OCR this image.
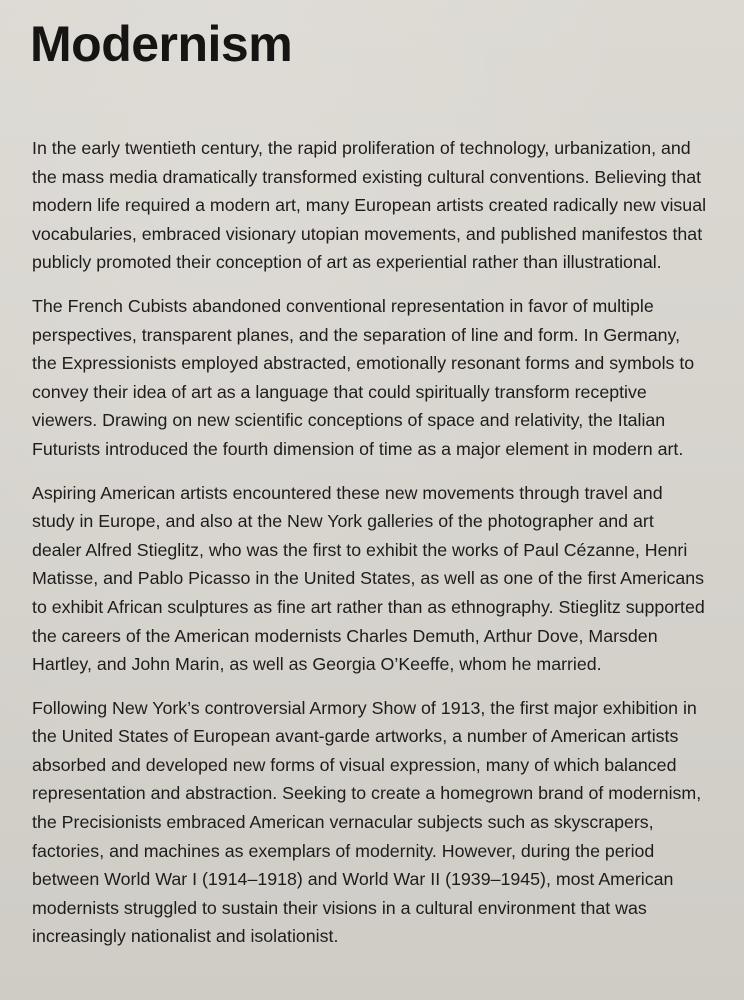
Modernism

In the early twentieth century, the rapid proliferation of technology, urbanization, and the mass media dramatically transformed existing cultural conventions. Believing that modern life required a modern art, many European artists created radically new visual vocabularies, embraced visionary utopian movements, and published manifestos that publicly promoted their conception of art as experiential rather than illustrational.

The French Cubists abandoned conventional representation in favor of multiple perspectives, transparent planes, and the separation of line and form. In Germany, the Expressionists employed abstracted, emotionally resonant forms and symbols to convey their idea of art as a language that could spiritually transform receptive viewers. Drawing on new scientific conceptions of space and relativity, the Italian Futurists introduced the fourth dimension of time as a major element in modern art.

Aspiring American artists encountered these new movements through travel and study in Europe, and also at the New York galleries of the photographer and art dealer Alfred Stieglitz, who was the first to exhibit the works of Paul Cézanne, Henri Matisse, and Pablo Picasso in the United States, as well as one of the first Americans to exhibit African sculptures as fine art rather than as ethnography. Stieglitz supported the careers of the American modernists Charles Demuth, Arthur Dove, Marsden Hartley, and John Marin, as well as Georgia O’Keeffe, whom he married.

Following New York’s controversial Armory Show of 1913, the first major exhibition in the United States of European avant-garde artworks, a number of American artists absorbed and developed new forms of visual expression, many of which balanced representation and abstraction. Seeking to create a homegrown brand of modernism, the Precisionists embraced American vernacular subjects such as skyscrapers, factories, and machines as exemplars of modernity. However, during the period between World War I (1914–1918) and World War II (1939–1945), most American modernists struggled to sustain their visions in a cultural environment that was increasingly nationalist and isolationist.
